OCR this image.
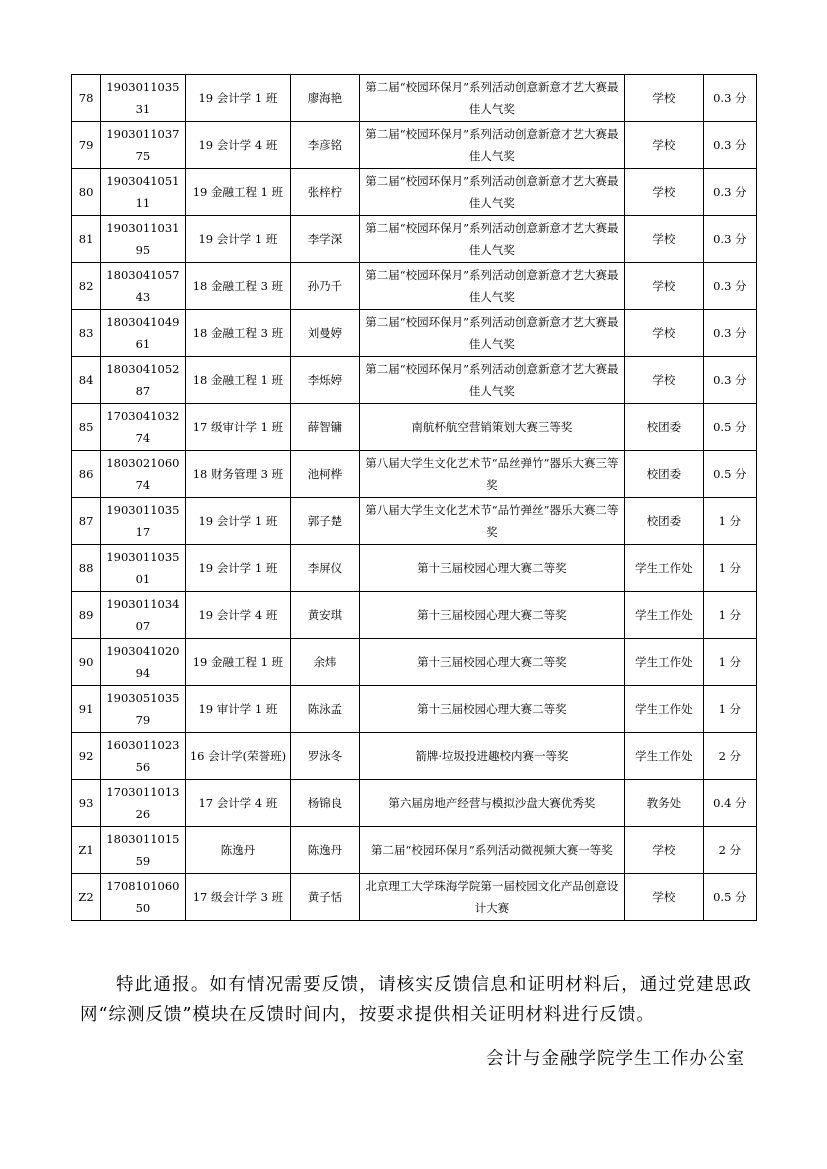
78	190301103531	19 会计学 1 班	廖海艳	第二届“校园环保月”系列活动创意新意才艺大赛最佳人气奖	学校	0.3 分
79	190301103775	19 会计学 4 班	李彦铭	第二届“校园环保月”系列活动创意新意才艺大赛最佳人气奖	学校	0.3 分
80	190304105111	19 金融工程 1 班	张梓柠	第二届“校园环保月”系列活动创意新意才艺大赛最佳人气奖	学校	0.3 分
81	190301103195	19 会计学 1 班	李学深	第二届“校园环保月”系列活动创意新意才艺大赛最佳人气奖	学校	0.3 分
82	180304105743	18 金融工程 3 班	孙乃千	第二届“校园环保月”系列活动创意新意才艺大赛最佳人气奖	学校	0.3 分
83	180304104961	18 金融工程 3 班	刘曼婷	第二届“校园环保月”系列活动创意新意才艺大赛最佳人气奖	学校	0.3 分
84	180304105287	18 金融工程 1 班	李烁婷	第二届“校园环保月”系列活动创意新意才艺大赛最佳人气奖	学校	0.3 分
85	170304103274	17 级审计学 1 班	薛智镛	南航杯航空营销策划大赛三等奖	校团委	0.5 分
86	180302106074	18 财务管理 3 班	池柯桦	第八届大学生文化艺术节“品丝弹竹”器乐大赛三等奖	校团委	0.5 分
87	190301103517	19 会计学 1 班	郭子楚	第八届大学生文化艺术节“品竹弹丝”器乐大赛二等奖	校团委	1 分
88	190301103501	19 会计学 1 班	李屏仪	第十三届校园心理大赛二等奖	学生工作处	1 分
89	190301103407	19 会计学 4 班	黄安琪	第十三届校园心理大赛二等奖	学生工作处	1 分
90	190304102094	19 金融工程 1 班	余炜	第十三届校园心理大赛二等奖	学生工作处	1 分
91	190305103579	19 审计学 1 班	陈泳孟	第十三届校园心理大赛二等奖	学生工作处	1 分
92	160301102356	16 会计学(荣誉班)	罗泳冬	箭牌·垃圾投进趣校内赛一等奖	学生工作处	2 分
93	170301101326	17 会计学 4 班	杨锦良	第六届房地产经营与模拟沙盘大赛优秀奖	教务处	0.4 分
Z1	180301101559	陈逸丹	陈逸丹	第二届“校园环保月”系列活动微视频大赛一等奖	学校	2 分
Z2	170810106050	17 级会计学 3 班	黄子恬	北京理工大学珠海学院第一届校园文化产品创意设计大赛	学校	0.5 分

特此通报。如有情况需要反馈，请核实反馈信息和证明材料后，通过党建思政网“综测反馈”模块在反馈时间内，按要求提供相关证明材料进行反馈。

会计与金融学院学生工作办公室
